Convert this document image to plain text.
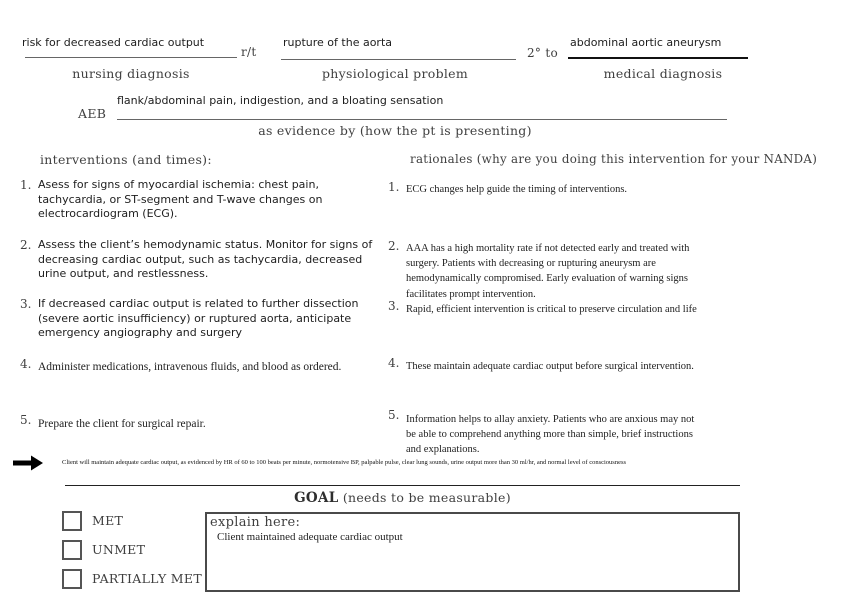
risk for decreased cardiac output
nursing diagnosis
r/t
rupture of the aorta
physiological problem
2° to
abdominal aortic aneurysm
medical diagnosis
flank/abdominal pain, indigestion, and a bloating sensation
AEB
as evidence by (how the pt is presenting)
interventions (and times):	rationales (why are you doing this intervention for your NANDA)
1. Asess for signs of myocardial ischemia: chest pain, tachycardia, or ST-segment and T-wave changes on electrocardiogram (ECG).
2. Assess the client’s hemodynamic status. Monitor for signs of decreasing cardiac output, such as tachycardia, decreased urine output, and restlessness.
3. If decreased cardiac output is related to further dissection (severe aortic insufficiency) or ruptured aorta, anticipate emergency angiography and surgery
4. Administer medications, intravenous fluids, and blood as ordered.
5. Prepare the client for surgical repair.
1. ECG changes help guide the timing of interventions.
2. AAA has a high mortality rate if not detected early and treated with surgery. Patients with decreasing or rupturing aneurysm are hemodynamically compromised. Early evaluation of warning signs facilitates prompt intervention.
3. Rapid, efficient intervention is critical to preserve circulation and life
4. These maintain adequate cardiac output before surgical intervention.
5. Information helps to allay anxiety. Patients who are anxious may not be able to comprehend anything more than simple, brief instructions and explanations.
Client will maintain adequate cardiac output, as evidenced by HR of 60 to 100 beats per minute, normotensive BP, palpable pulse, clear lung sounds, urine output more than 30 ml/hr, and normal level of consciousness
GOAL (needs to be measurable)
MET
UNMET
PARTIALLY MET
explain here:
Client maintained adequate cardiac output
